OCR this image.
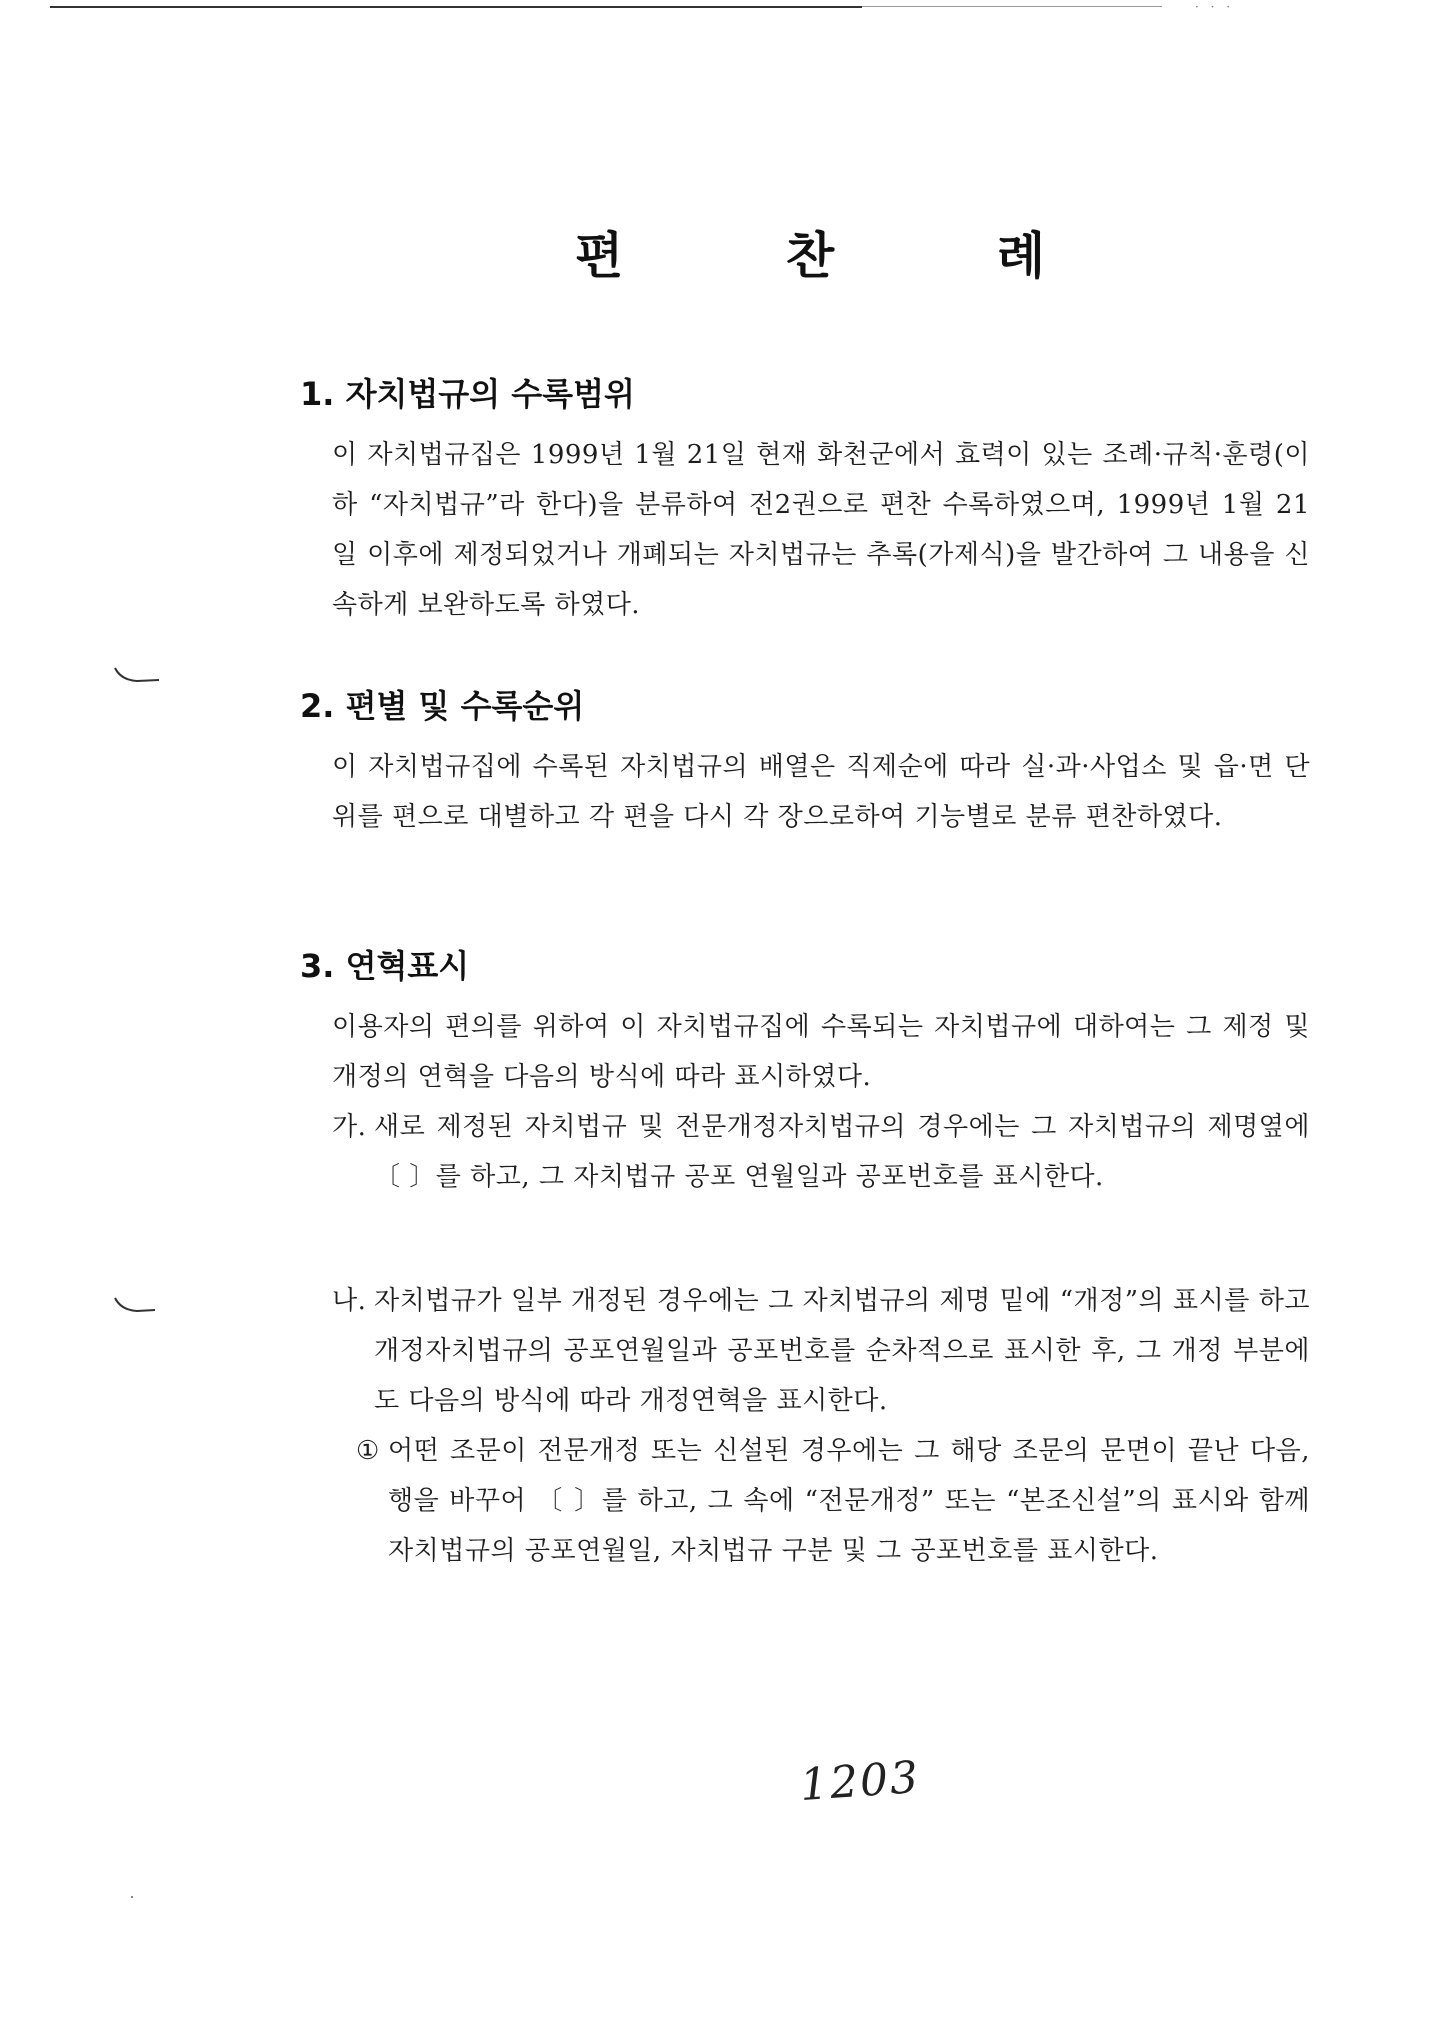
· · ·
편	찬	례
1. 자치법규의 수록범위
이 자치법규집은 1999년 1월 21일 현재 화천군에서 효력이 있는 조례·규칙·훈령(이하 “자치법규”라 한다)을 분류하여 전2권으로 편찬 수록하였으며, 1999년 1월 21일 이후에 제정되었거나 개폐되는 자치법규는 추록(가제식)을 발간하여 그 내용을 신속하게 보완하도록 하였다.
2. 편별 및 수록순위
이 자치법규집에 수록된 자치법규의 배열은 직제순에 따라 실·과·사업소 및 읍·면 단위를 편으로 대별하고 각 편을 다시 각 장으로하여 기능별로 분류 편찬하였다.
3. 연혁표시
이용자의 편의를 위하여 이 자치법규집에 수록되는 자치법규에 대하여는 그 제정 및 개정의 연혁을 다음의 방식에 따라 표시하였다.
가. 새로 제정된 자치법규 및 전문개정자치법규의 경우에는 그 자치법규의 제명옆에 〔 〕를 하고, 그 자치법규 공포 연월일과 공포번호를 표시한다.
나. 자치법규가 일부 개정된 경우에는 그 자치법규의 제명 밑에 “개정”의 표시를 하고 개정자치법규의 공포연월일과 공포번호를 순차적으로 표시한 후, 그 개정 부분에도 다음의 방식에 따라 개정연혁을 표시한다.
① 어떤 조문이 전문개정 또는 신설된 경우에는 그 해당 조문의 문면이 끝난 다음, 행을 바꾸어 〔 〕를 하고, 그 속에 “전문개정” 또는 “본조신설”의 표시와 함께 자치법규의 공포연월일, 자치법규 구분 및 그 공포번호를 표시한다.
1203
